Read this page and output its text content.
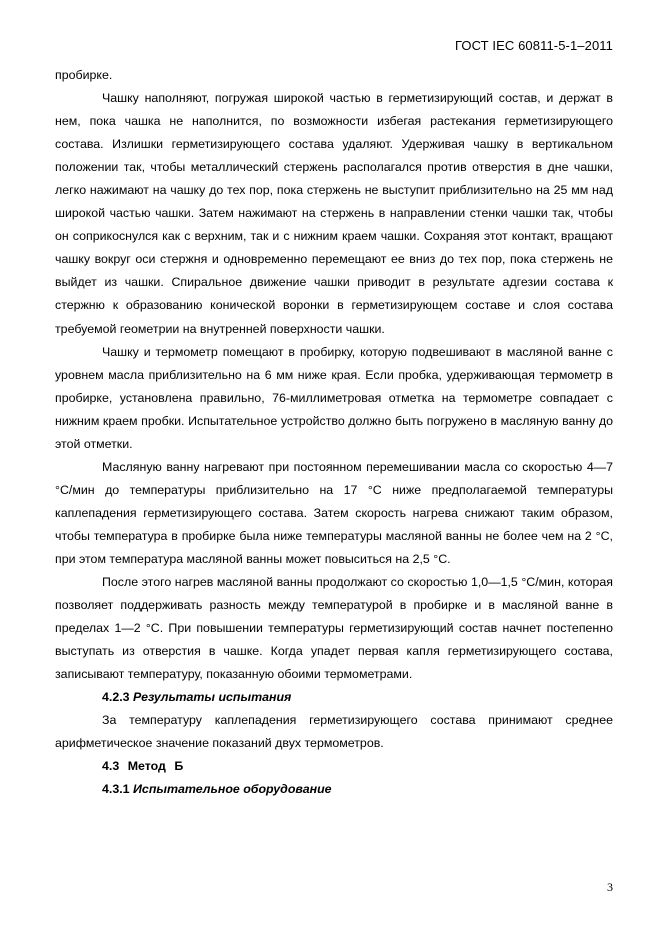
ГОСТ IEC 60811-5-1–2011

пробирке.

Чашку наполняют, погружая широкой частью в герметизирующий состав, и держат в нем, пока чашка не наполнится, по возможности избегая растекания герметизирующего состава. Излишки герметизирующего состава удаляют. Удерживая чашку в вертикальном положении так, чтобы металлический стержень располагался против отверстия в дне чашки, легко нажимают на чашку до тех пор, пока стержень не выступит приблизительно на 25 мм над широкой частью чашки. Затем нажимают на стержень в направлении стенки чашки так, чтобы он соприкоснулся как с верхним, так и с нижним краем чашки. Сохраняя этот контакт, вращают чашку вокруг оси стержня и одновременно перемещают ее вниз до тех пор, пока стержень не выйдет из чашки. Спиральное движение чашки приводит в результате адгезии состава к стержню к образованию конической воронки в герметизирующем составе и слоя состава требуемой геометрии на внутренней поверхности чашки.

Чашку и термометр помещают в пробирку, которую подвешивают в масляной ванне с уровнем масла приблизительно на 6 мм ниже края. Если пробка, удерживающая термометр в пробирке, установлена правильно, 76-миллиметровая отметка на термометре совпадает с нижним краем пробки. Испытательное устройство должно быть погружено в масляную ванну до этой отметки.

Масляную ванну нагревают при постоянном перемешивании масла со скоростью 4—7 °С/мин до температуры приблизительно на 17 °С ниже предполагаемой температуры каплепадения герметизирующего состава. Затем скорость нагрева снижают таким образом, чтобы температура в пробирке была ниже температуры масляной ванны не более чем на 2 °С, при этом температура масляной ванны может повыситься на 2,5 °С.

После этого нагрев масляной ванны продолжают со скоростью 1,0—1,5 °С/мин, которая позволяет поддерживать разность между температурой в пробирке и в масляной ванне в пределах 1—2 °С. При повышении температуры герметизирующий состав начнет постепенно выступать из отверстия в чашке. Когда упадет первая капля герметизирующего состава, записывают температуру, показанную обоими термометрами.

4.2.3 Результаты испытания

За температуру каплепадения герметизирующего состава принимают среднее арифметическое значение показаний двух термометров.

4.3 Метод Б

4.3.1 Испытательное оборудование

3
